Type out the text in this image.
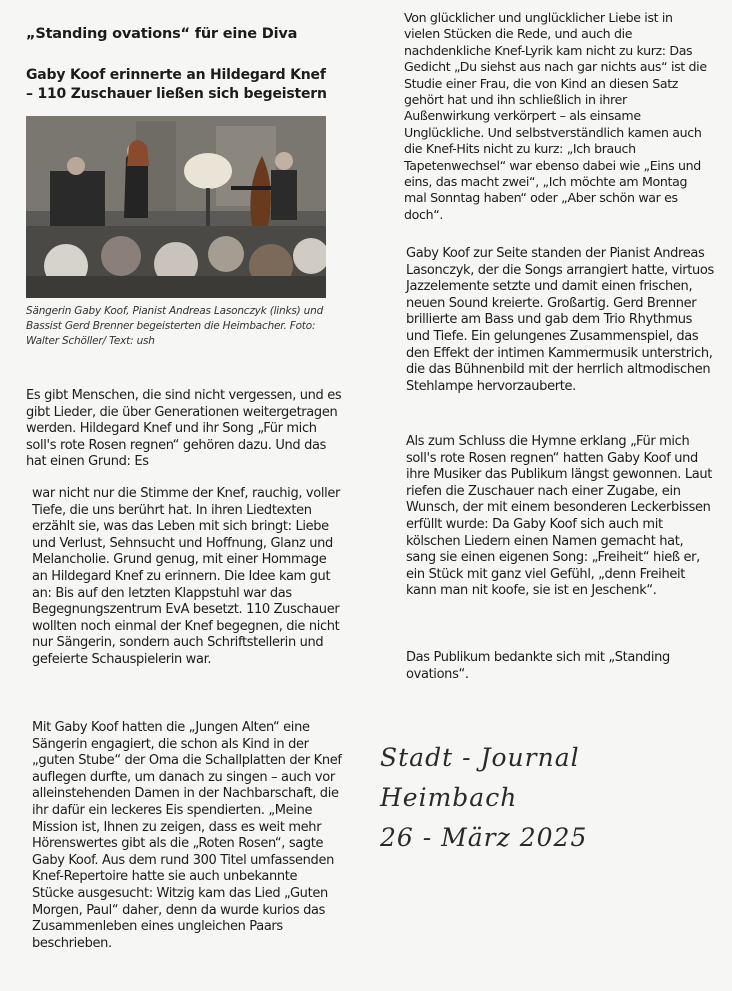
„Standing ovations“ für eine Diva
Gaby Koof erinnerte an Hildegard Knef – 110 Zuschauer ließen sich begeistern
Sängerin Gaby Koof, Pianist Andreas Lasonczyk (links) und Bassist Gerd Brenner begeisterten die Heimbacher. Foto: Walter Schöller/ Text: ush

Es gibt Menschen, die sind nicht vergessen, und es gibt Lieder, die über Generationen weitergetragen werden. Hildegard Knef und ihr Song „Für mich soll's rote Rosen regnen“ gehören dazu. Und das hat einen Grund: Es

war nicht nur die Stimme der Knef, rauchig, voller Tiefe, die uns berührt hat. In ihren Liedtexten erzählt sie, was das Leben mit sich bringt: Liebe und Verlust, Sehnsucht und Hoffnung, Glanz und Melancholie. Grund genug, mit einer Hommage an Hildegard Knef zu erinnern. Die Idee kam gut an: Bis auf den letzten Klappstuhl war das Begegnungszentrum EvA besetzt. 110 Zuschauer wollten noch einmal der Knef begegnen, die nicht nur Sängerin, sondern auch Schriftstellerin und gefeierte Schauspielerin war.

Mit Gaby Koof hatten die „Jungen Alten“ eine Sängerin engagiert, die schon als Kind in der „guten Stube“ der Oma die Schallplatten der Knef auflegen durfte, um danach zu singen – auch vor alleinstehenden Damen in der Nachbarschaft, die ihr dafür ein leckeres Eis spendierten. „Meine Mission ist, Ihnen zu zeigen, dass es weit mehr Hörenswertes gibt als die „Roten Rosen“, sagte Gaby Koof. Aus dem rund 300 Titel umfassenden Knef-Repertoire hatte sie auch unbekannte Stücke ausgesucht: Witzig kam das Lied „Guten Morgen, Paul“ daher, denn da wurde kurios das Zusammenleben eines ungleichen Paars beschrieben.

Von glücklicher und unglücklicher Liebe ist in vielen Stücken die Rede, und auch die nachdenkliche Knef-Lyrik kam nicht zu kurz: Das Gedicht „Du siehst aus nach gar nichts aus“ ist die Studie einer Frau, die von Kind an diesen Satz gehört hat und ihn schließlich in ihrer Außenwirkung verkörpert – als einsame Unglückliche. Und selbstverständlich kamen auch die Knef-Hits nicht zu kurz: „Ich brauch Tapetenwechsel“ war ebenso dabei wie „Eins und eins, das macht zwei“, „Ich möchte am Montag mal Sonntag haben“ oder „Aber schön war es doch“.

Gaby Koof zur Seite standen der Pianist Andreas Lasonczyk, der die Songs arrangiert hatte, virtuos Jazzelemente setzte und damit einen frischen, neuen Sound kreierte. Großartig. Gerd Brenner brillierte am Bass und gab dem Trio Rhythmus und Tiefe. Ein gelungenes Zusammenspiel, das den Effekt der intimen Kammermusik unterstrich, die das Bühnenbild mit der herrlich altmodischen Stehlampe hervorzauberte.

Als zum Schluss die Hymne erklang „Für mich soll's rote Rosen regnen“ hatten Gaby Koof und ihre Musiker das Publikum längst gewonnen. Laut riefen die Zuschauer nach einer Zugabe, ein Wunsch, der mit einem besonderen Leckerbissen erfüllt wurde: Da Gaby Koof sich auch mit kölschen Liedern einen Namen gemacht hat, sang sie einen eigenen Song: „Freiheit“ hieß er, ein Stück mit ganz viel Gefühl, „denn Freiheit kann man nit koofe, sie ist en Jeschenk“.

Das Publikum bedankte sich mit „Standing ovations“.

Stadt - Journal Heimbach
26 - März 2025
